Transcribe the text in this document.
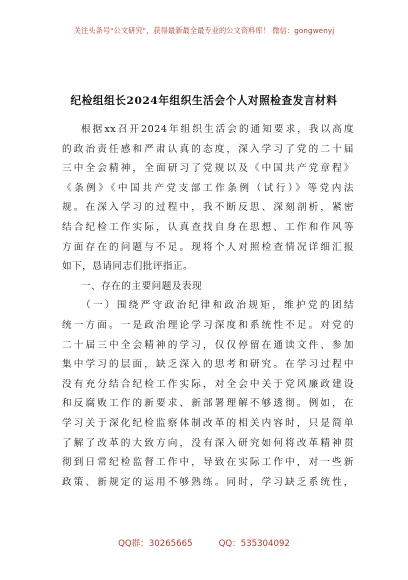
关注头条号"公文研究"，获得最新最全最专业的公文资料库！ 微信：gongwenyj
纪检组组长2024年组织生活会个人对照检查发言材料
根据xx召开2024年组织生活会的通知要求，我以高度
的政治责任感和严肃认真的态度，深入学习了党的二十届
三中全会精神，全面研习了党规以及《中国共产党章程》
《条例》《中国共产党支部工作条例（试行）》等党内法
规。在深入学习的过程中，我不断反思、深刻剖析，紧密
结合纪检工作实际，认真查找自身在思想、工作和作风等
方面存在的问题与不足。现将个人对照检查情况详细汇报
如下，恳请同志们批评指正。
一、存在的主要问题及表现
（一）围绕严守政治纪律和政治规矩，维护党的团结
统一方面。一是政治理论学习深度和系统性不足。对党的
二十届三中全会精神的学习，仅仅停留在通读文件、参加
集中学习的层面，缺乏深入的思考和研究。在学习过程中
没有充分结合纪检工作实际，对全会中关于党风廉政建设
和反腐败工作的新要求、新部署理解不够透彻。例如，在
学习关于深化纪检监察体制改革的相关内容时，只是简单
了解了改革的大致方向，没有深入研究如何将改革精神贯
彻到日常纪检监督工作中，导致在实际工作中，对一些新
政策、新规定的运用不够熟练。同时，学习缺乏系统性，
QQ群：30265665	QQ：535304092
